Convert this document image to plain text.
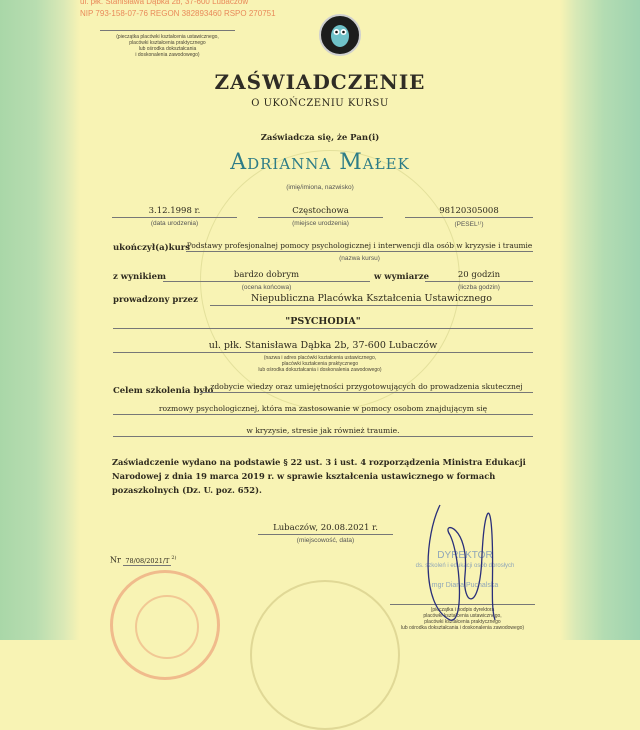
ul. płk. Stanisława Dąbka 2b, 37-600 Lubaczów
NIP 793-158-07-76 REGON 382893460 RSPO 270751
(pieczątka placówki kształcenia ustawicznego,
placówki kształcenia praktycznego
lub ośrodka dokształcania
i doskonalenia zawodowego)
ZAŚWIADCZENIE
O UKOŃCZENIU KURSU
Zaświadcza się, że Pan(i)
Adrianna Małek
(imię/imiona, nazwisko)
3.12.1998 r.
(data urodzenia)
Częstochowa
(miejsce urodzenia)
98120305008
(PESEL¹⁾)
ukończył(a)kurs
Podstawy profesjonalnej pomocy psychologicznej i interwencji dla osób w kryzysie i traumie
(nazwa kursu)
z wynikiem	bardzo dobrym
(ocena końcowa)
w wymiarze	20 godzin
(liczba godzin)
prowadzony przez	Niepubliczna Placówka Kształcenia Ustawicznego
"PSYCHODIA"
ul. płk. Stanisława Dąbka 2b, 37-600 Lubaczów
(nazwa i adres placówki kształcenia ustawicznego,
placówki kształcenia praktycznego
lub ośrodka dokształcania i doskonalenia zawodowego)
Celem szkolenia było
zdobycie wiedzy oraz umiejętności przygotowujących do prowadzenia skutecznej
rozmowy psychologicznej, która ma zastosowanie w pomocy osobom znajdującym się
w kryzysie, stresie jak również traumie.
Zaświadczenie wydano na podstawie § 22 ust. 3 i ust. 4 rozporządzenia Ministra Edukacji Narodowej z dnia 19 marca 2019 r. w sprawie kształcenia ustawicznego w formach pozaszkolnych (Dz. U. poz. 652).
Lubaczów, 20.08.2021 r.
(miejscowość, data)
Nr 78/08/2021/T $^{2)}$	DYREKTOR
ds. szkoleń i edukacji osób dorosłych
mgr Diana Puchalska
(pieczątka i podpis dyrektora
placówki kształcenia ustawicznego,
placówki kształcenia praktycznego
lub ośrodka dokształcania i doskonalenia zawodowego)
